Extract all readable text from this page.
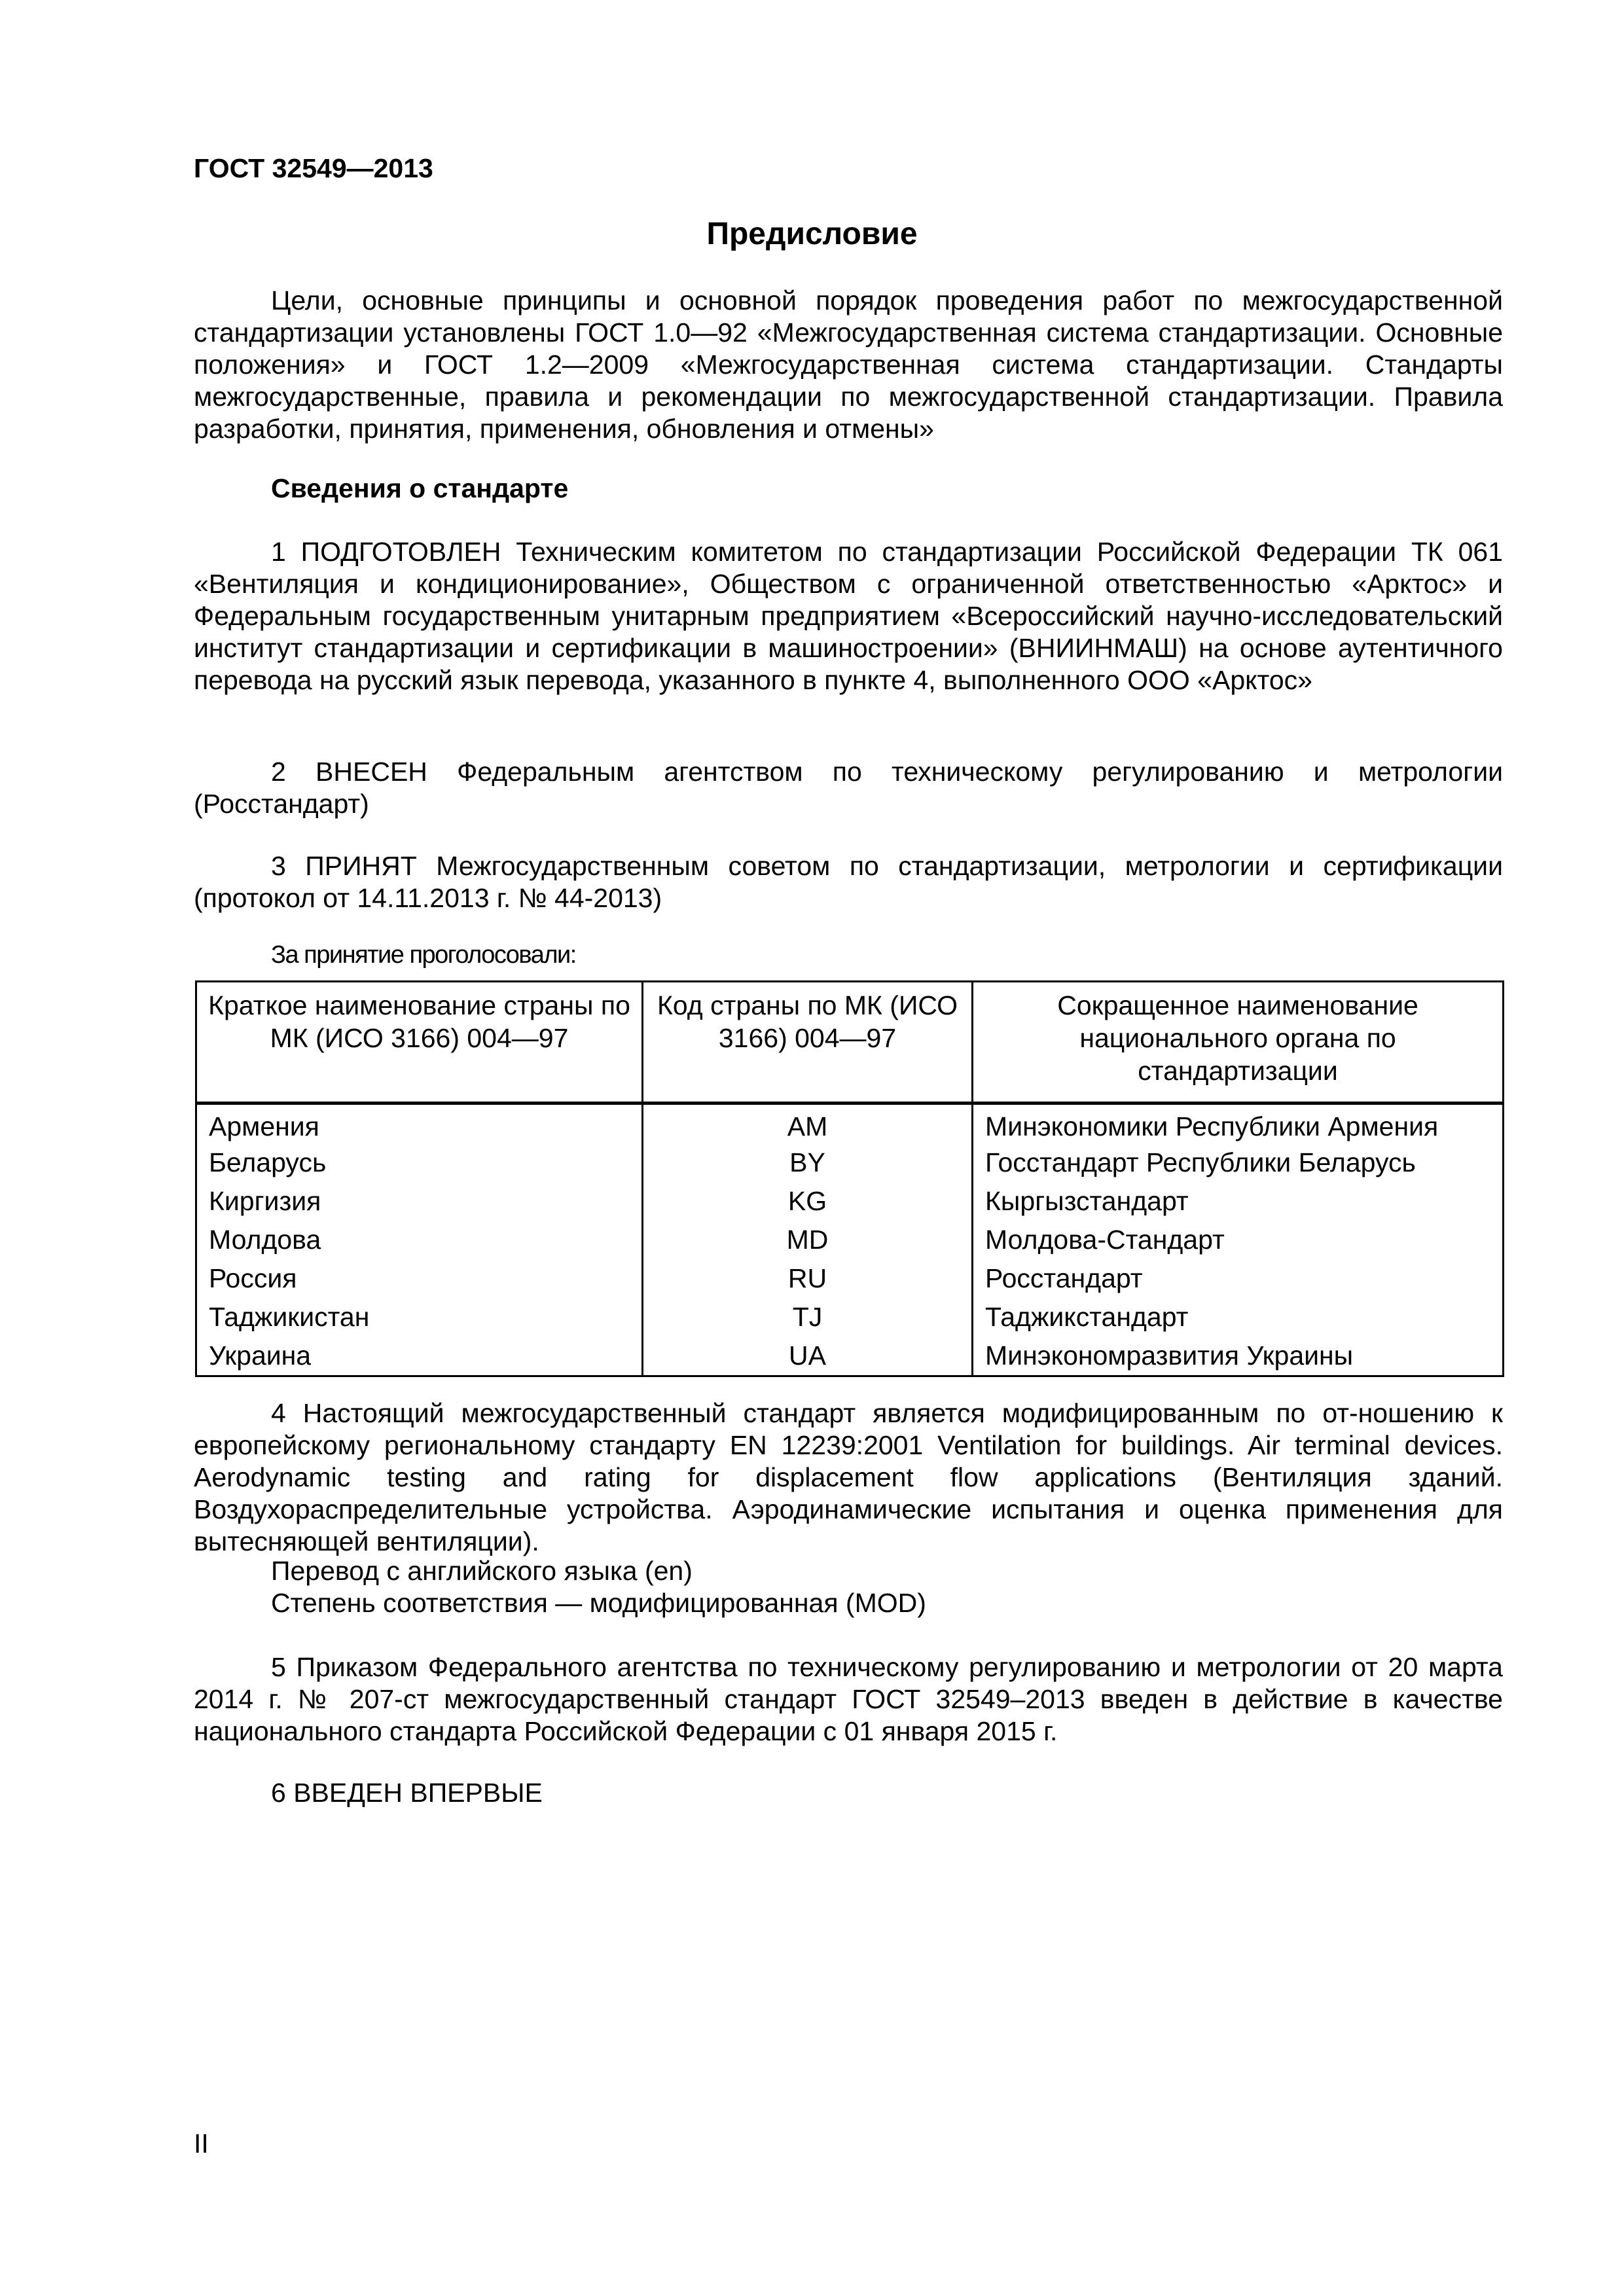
ГОСТ 32549—2013
Предисловие
Цели, основные принципы и основной порядок проведения работ по межгосударственной стандартизации установлены ГОСТ 1.0—92 «Межгосударственная система стандартизации. Основные положения» и ГОСТ 1.2—2009 «Межгосударственная система стандартизации. Стандарты межгосударственные, правила и рекомендации по межгосударственной стандартизации. Правила разработки, принятия, применения, обновления и отмены»
Сведения о стандарте
1 ПОДГОТОВЛЕН Техническим комитетом по стандартизации Российской Федерации ТК 061 «Вентиляция и кондиционирование», Обществом с ограниченной ответственностью «Арктос» и Федеральным государственным унитарным предприятием «Всероссийский научно-исследовательский институт стандартизации и сертификации в машиностроении» (ВНИИНМАШ) на основе аутентичного перевода на русский язык перевода, указанного в пункте 4, выполненного ООО «Арктос»
2 ВНЕСЕН Федеральным агентством по техническому регулированию и метрологии (Росстандарт)
3 ПРИНЯТ Межгосударственным советом по стандартизации, метрологии и сертификации (протокол от 14.11.2013 г. № 44-2013)
За принятие проголосовали:
Краткое наименование страны по МК (ИСО 3166) 004—97	Код страны по МК (ИСО 3166) 004—97	Сокращенное наименование национального органа по стандартизации
Армения	AM	Минэкономики Республики Армения
Беларусь	BY	Госстандарт Республики Беларусь
Киргизия	KG	Кыргызстандарт
Молдова	MD	Молдова-Стандарт
Россия	RU	Росстандарт
Таджикистан	TJ	Таджикстандарт
Украина	UA	Минэкономразвития Украины
4 Настоящий межгосударственный стандарт является модифицированным по от-ношению к европейскому региональному стандарту EN 12239:2001 Ventilation for buildings. Air terminal devices. Aerodynamic testing and rating for displacement flow applications (Вентиляция зданий. Воздухораспределительные устройства. Аэродинамические испытания и оценка применения для вытесняющей вентиляции).
Перевод с английского языка (en)
Степень соответствия — модифицированная (MOD)
5 Приказом Федерального агентства по техническому регулированию и метрологии от 20 марта 2014 г. № 207-ст межгосударственный стандарт ГОСТ 32549–2013 введен в действие в качестве национального стандарта Российской Федерации с 01 января 2015 г.
6 ВВЕДЕН ВПЕРВЫЕ
II
